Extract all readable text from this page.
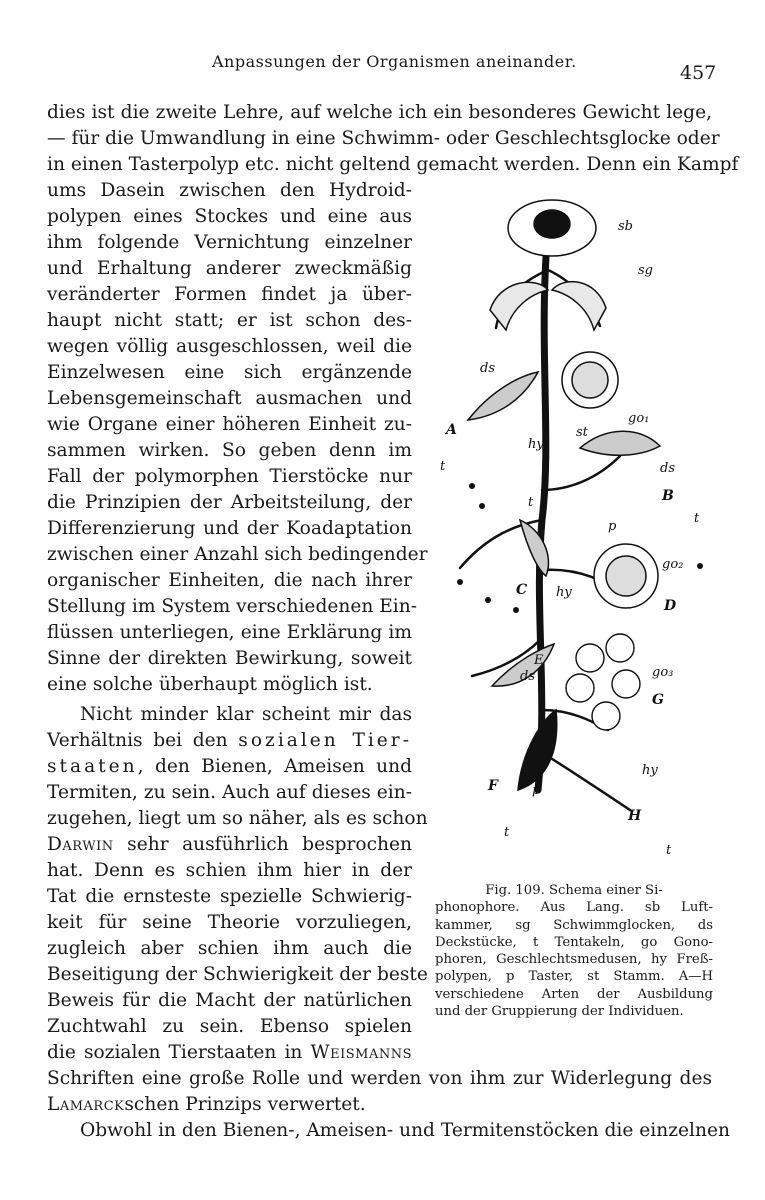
Anpassungen der Organismen aneinander.
457
dies ist die zweite Lehre, auf welche ich ein besonderes Gewicht lege,
— für die Umwandlung in eine Schwimm- oder Geschlechtsglocke oder
in einen Tasterpolyp etc. nicht geltend gemacht werden. Denn ein Kampf
ums Dasein zwischen den Hydroid-
polypen eines Stockes und eine aus
ihm folgende Vernichtung einzelner
und Erhaltung anderer zweckmäßig
veränderter Formen findet ja über-
haupt nicht statt; er ist schon des-
wegen völlig ausgeschlossen, weil die
Einzelwesen eine sich ergänzende
Lebensgemeinschaft ausmachen und
wie Organe einer höheren Einheit zu-
sammen wirken. So geben denn im
Fall der polymorphen Tierstöcke nur
die Prinzipien der Arbeitsteilung, der
Differenzierung und der Koadaptation
zwischen einer Anzahl sich bedingender
organischer Einheiten, die nach ihrer
Stellung im System verschiedenen Ein-
flüssen unterliegen, eine Erklärung im
Sinne der direkten Bewirkung, soweit
eine solche überhaupt möglich ist.
Nicht minder klar scheint mir das
Verhältnis bei den sozialen Tier-
staaten, den Bienen, Ameisen und
Termiten, zu sein. Auch auf dieses ein-
zugehen, liegt um so näher, als es schon
Darwin sehr ausführlich besprochen
hat. Denn es schien ihm hier in der
Tat die ernsteste spezielle Schwierig-
keit für seine Theorie vorzuliegen,
zugleich aber schien ihm auch die
Beseitigung der Schwierigkeit der beste
Beweis für die Macht der natürlichen
Zuchtwahl zu sein. Ebenso spielen
die sozialen Tierstaaten in Weismanns
Schriften eine große Rolle und werden von ihm zur Widerlegung des
Lamarckschen Prinzips verwertet.
Obwohl in den Bienen-, Ameisen- und Termitenstöcken die einzelnen
sb
sg
ds
go₁
A
hy
st
t	ds
B
t
t
p
go₂
C hy
D
E
ds	go₃
G
F	p
hy
t
H
t
Fig. 109. Schema einer Si-
phonophore. Aus Lang. sb Luft-
kammer, sg Schwimmglocken, ds
Deckstücke, t Tentakeln, go Gono-
phoren, Geschlechtsmedusen, hy Freß-
polypen, p Taster, st Stamm. A—H
verschiedene Arten der Ausbildung
und der Gruppierung der Individuen.
